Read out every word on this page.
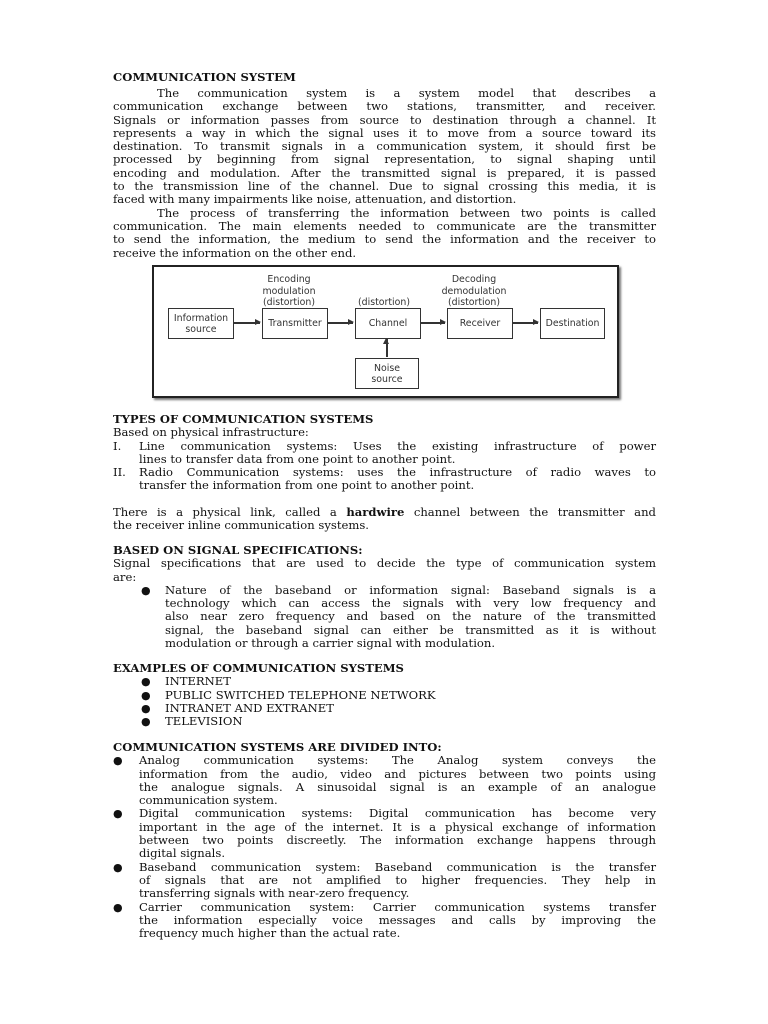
COMMUNICATION SYSTEM
The communication system is a system model that describes a
communication exchange between two stations, transmitter, and receiver.
Signals or information passes from source to destination through a channel. It
represents a way in which the signal uses it to move from a source toward its
destination. To transmit signals in a communication system, it should first be
processed by beginning from signal representation, to signal shaping until
encoding and modulation. After the transmitted signal is prepared, it is passed
to the transmission line of the channel. Due to signal crossing this media, it is
faced with many impairments like noise, attenuation, and distortion.
The process of transferring the information between two points is called
communication. The main elements needed to communicate are the transmitter
to send the information, the medium to send the information and the receiver to
receive the information on the other end.
Encoding
modulation
(distortion)	(distortion)
Decoding
demodulation
(distortion)
Information source	Transmitter	Channel	Receiver	Destination
Noise source
TYPES OF COMMUNICATION SYSTEMS
Based on physical infrastructure:
I. Line communication systems: Uses the existing infrastructure of power
lines to transfer data from one point to another point.
II. Radio Communication systems: uses the infrastructure of radio waves to
transfer the information from one point to another point.
There is a physical link, called a hardwire channel between the transmitter and
the receiver inline communication systems.
BASED ON SIGNAL SPECIFICATIONS:
Signal specifications that are used to decide the type of communication system
are:
● Nature of the baseband or information signal: Baseband signals is a
technology which can access the signals with very low frequency and
also near zero frequency and based on the nature of the transmitted
signal, the baseband signal can either be transmitted as it is without
modulation or through a carrier signal with modulation.
EXAMPLES OF COMMUNICATION SYSTEMS
● INTERNET
● PUBLIC SWITCHED TELEPHONE NETWORK
● INTRANET AND EXTRANET
● TELEVISION
COMMUNICATION SYSTEMS ARE DIVIDED INTO:
● Analog communication systems: The Analog system conveys the
information from the audio, video and pictures between two points using
the analogue signals. A sinusoidal signal is an example of an analogue
communication system.
● Digital communication systems: Digital communication has become very
important in the age of the internet. It is a physical exchange of information
between two points discreetly. The information exchange happens through
digital signals.
● Baseband communication system: Baseband communication is the transfer
of signals that are not amplified to higher frequencies. They help in
transferring signals with near-zero frequency.
● Carrier communication system: Carrier communication systems transfer
the information especially voice messages and calls by improving the
frequency much higher than the actual rate.
